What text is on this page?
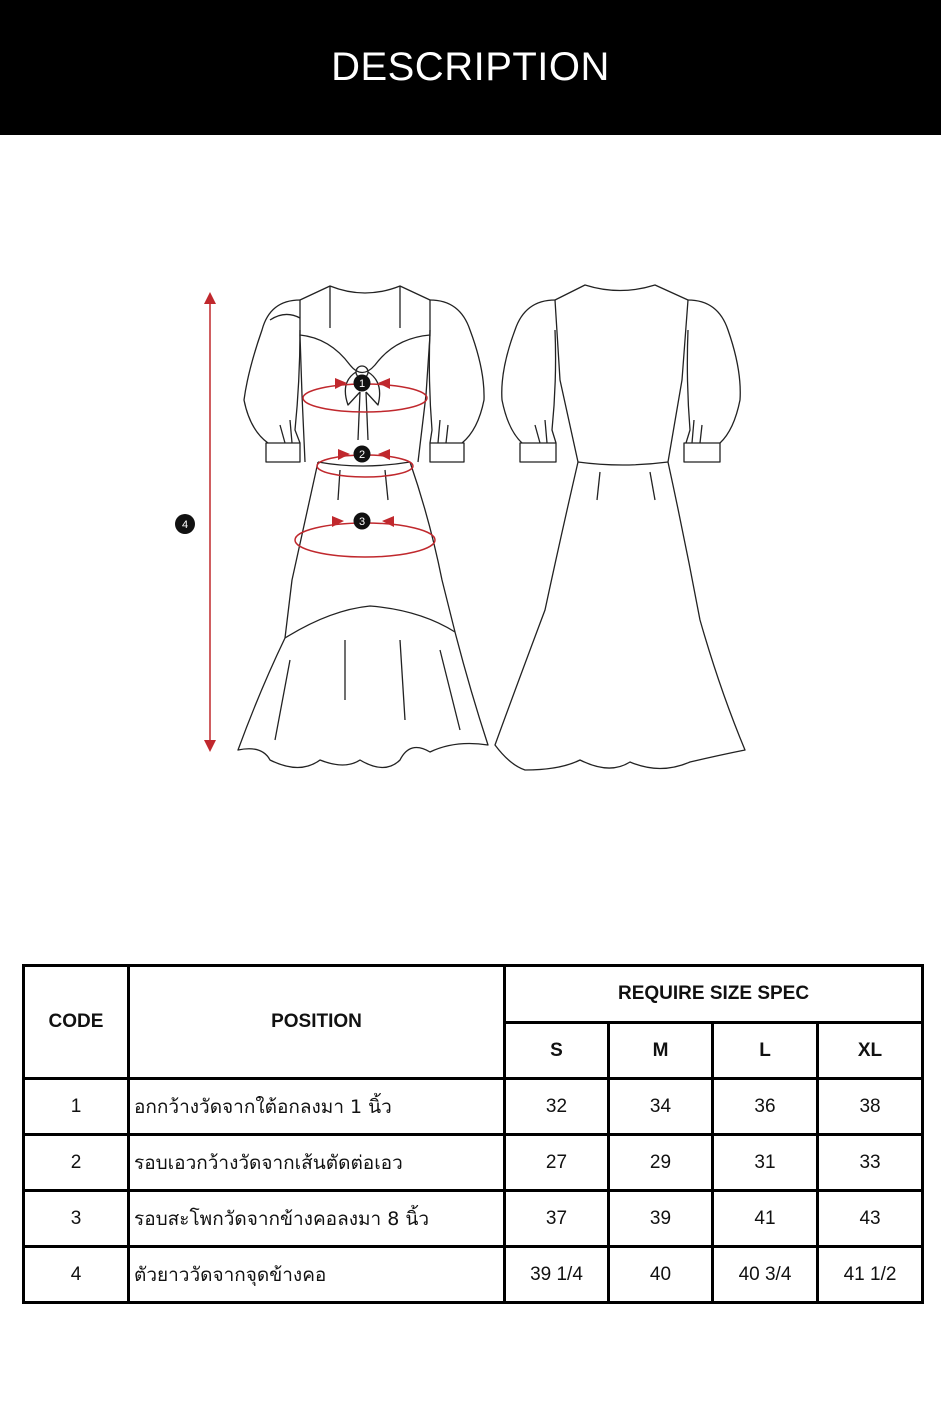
DESCRIPTION
1
2
3
4
CODE	POSITION	REQUIRE SIZE SPEC			
		S	M	L	XL
1	อกกว้างวัดจากใต้อกลงมา 1 นิ้ว	32	34	36	38
2	รอบเอวกว้างวัดจากเส้นตัดต่อเอว	27	29	31	33
3	รอบสะโพกวัดจากข้างคอลงมา 8 นิ้ว	37	39	41	43
4	ตัวยาววัดจากจุดข้างคอ	39 1/4	40	40 3/4	41 1/2
